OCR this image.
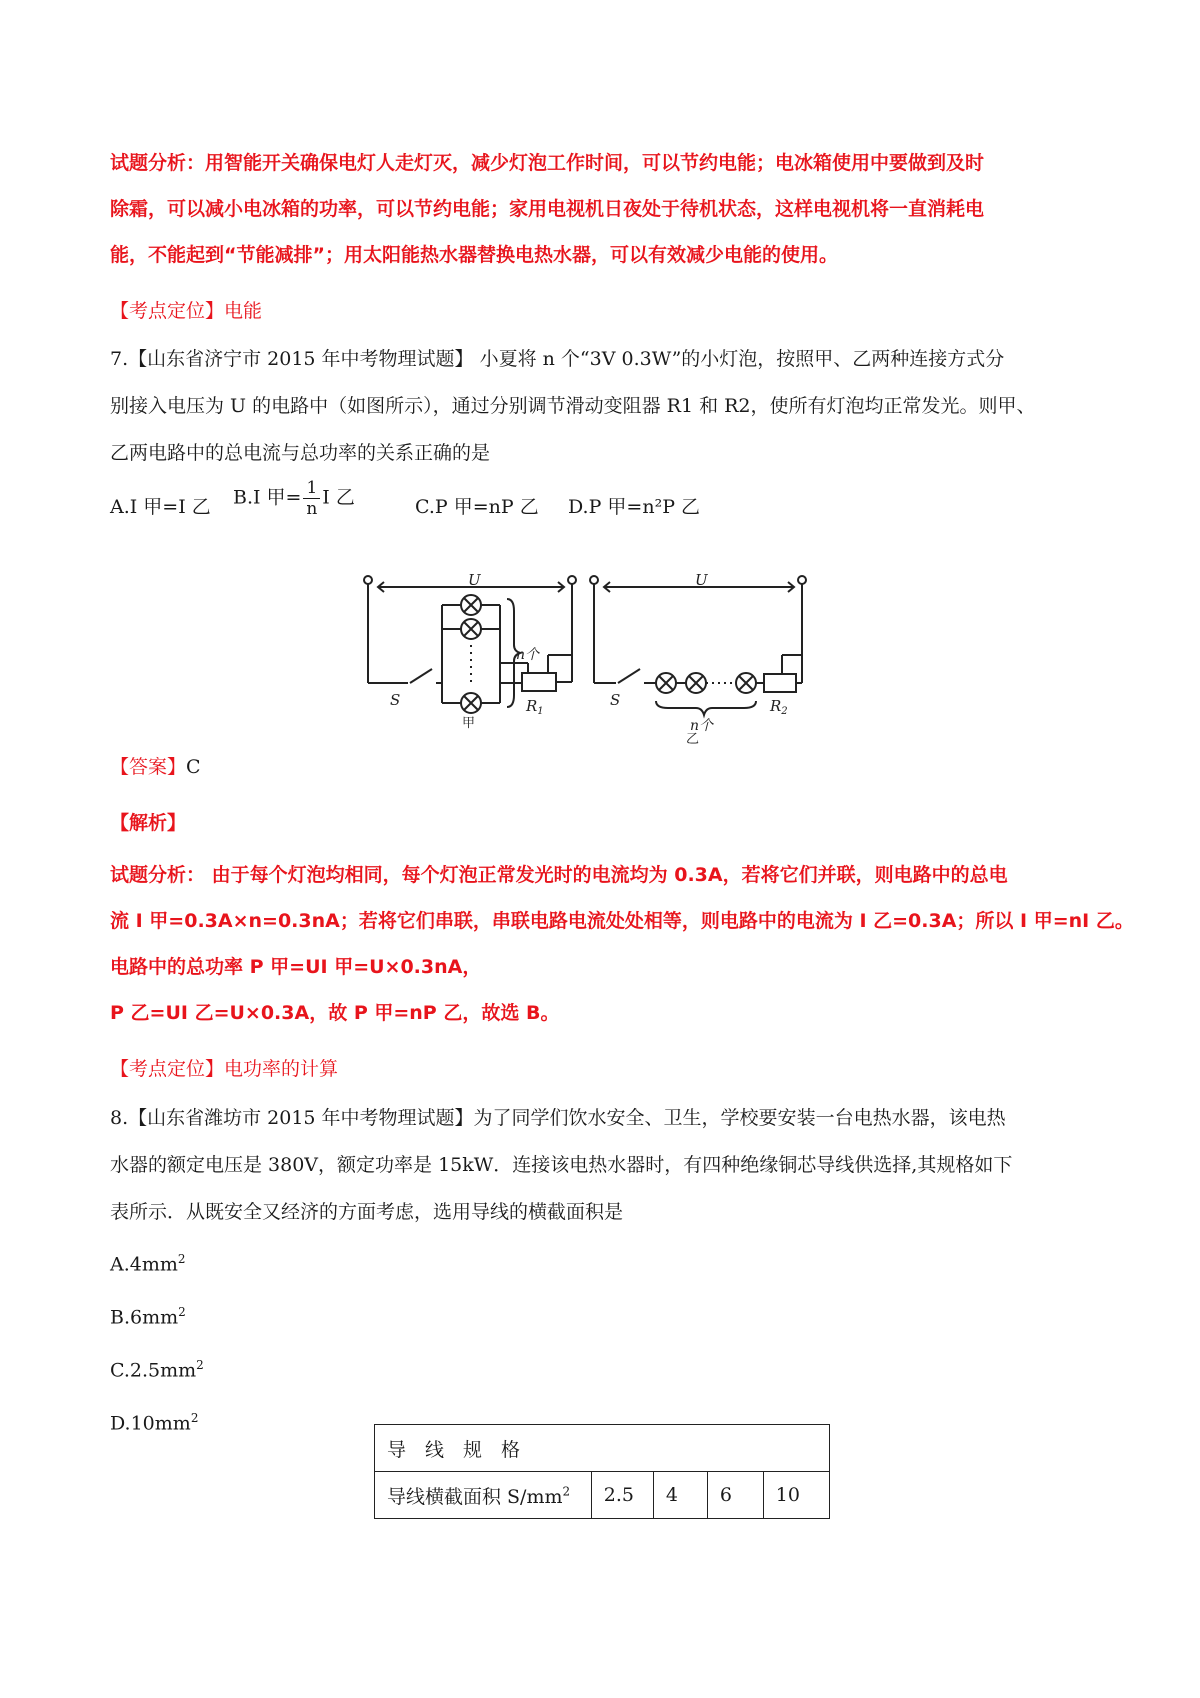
试题分析：用智能开关确保电灯人走灯灭，减少灯泡工作时间，可以节约电能；电冰箱使用中要做到及时
除霜，可以减小电冰箱的功率，可以节约电能；家用电视机日夜处于待机状态，这样电视机将一直消耗电
能，不能起到“节能减排”；用太阳能热水器替换电热水器，可以有效减少电能的使用。
【考点定位】电能
7.【山东省济宁市 2015 年中考物理试题】 小夏将 n 个“3V 0.3W”的小灯泡，按照甲、乙两种连接方式分
别接入电压为 U 的电路中（如图所示），通过分别调节滑动变阻器 R1 和 R2，使所有灯泡均正常发光。则甲、
乙两电路中的总电流与总功率的关系正确的是
A.I 甲=I 乙 B.I 甲= $\frac{1}{n}$ I 乙	C.P 甲=nP 乙 D.P 甲=n²P 乙
U	U
S	S
n个
n个
$R_1$	$R_2$
甲
乙
【答案】C
【解析】
试题分析： 由于每个灯泡均相同，每个灯泡正常发光时的电流均为 0.3A，若将它们并联，则电路中的总电
流 I 甲=0.3A×n=0.3nA；若将它们串联，串联电路电流处处相等，则电路中的电流为 I 乙=0.3A；所以 I 甲=nI 乙。
电路中的总功率 P 甲=UI 甲=U×0.3nA，
P 乙=UI 乙=U×0.3A，故 P 甲=nP 乙，故选 B。
【考点定位】电功率的计算
8.【山东省潍坊市 2015 年中考物理试题】为了同学们饮水安全、卫生，学校要安装一台电热水器，该电热
水器的额定电压是 380V，额定功率是 15kW．连接该电热水器时，有四种绝缘铜芯导线供选择,其规格如下
表所示．从既安全又经济的方面考虑，选用导线的横截面积是
$A.4mm^2$
$B.6mm^2$
$C.2.5mm^2$
$D.10mm^2$
导　线　规　格
导线横截面积 $S/mm^2$	2.5	4	6	10
